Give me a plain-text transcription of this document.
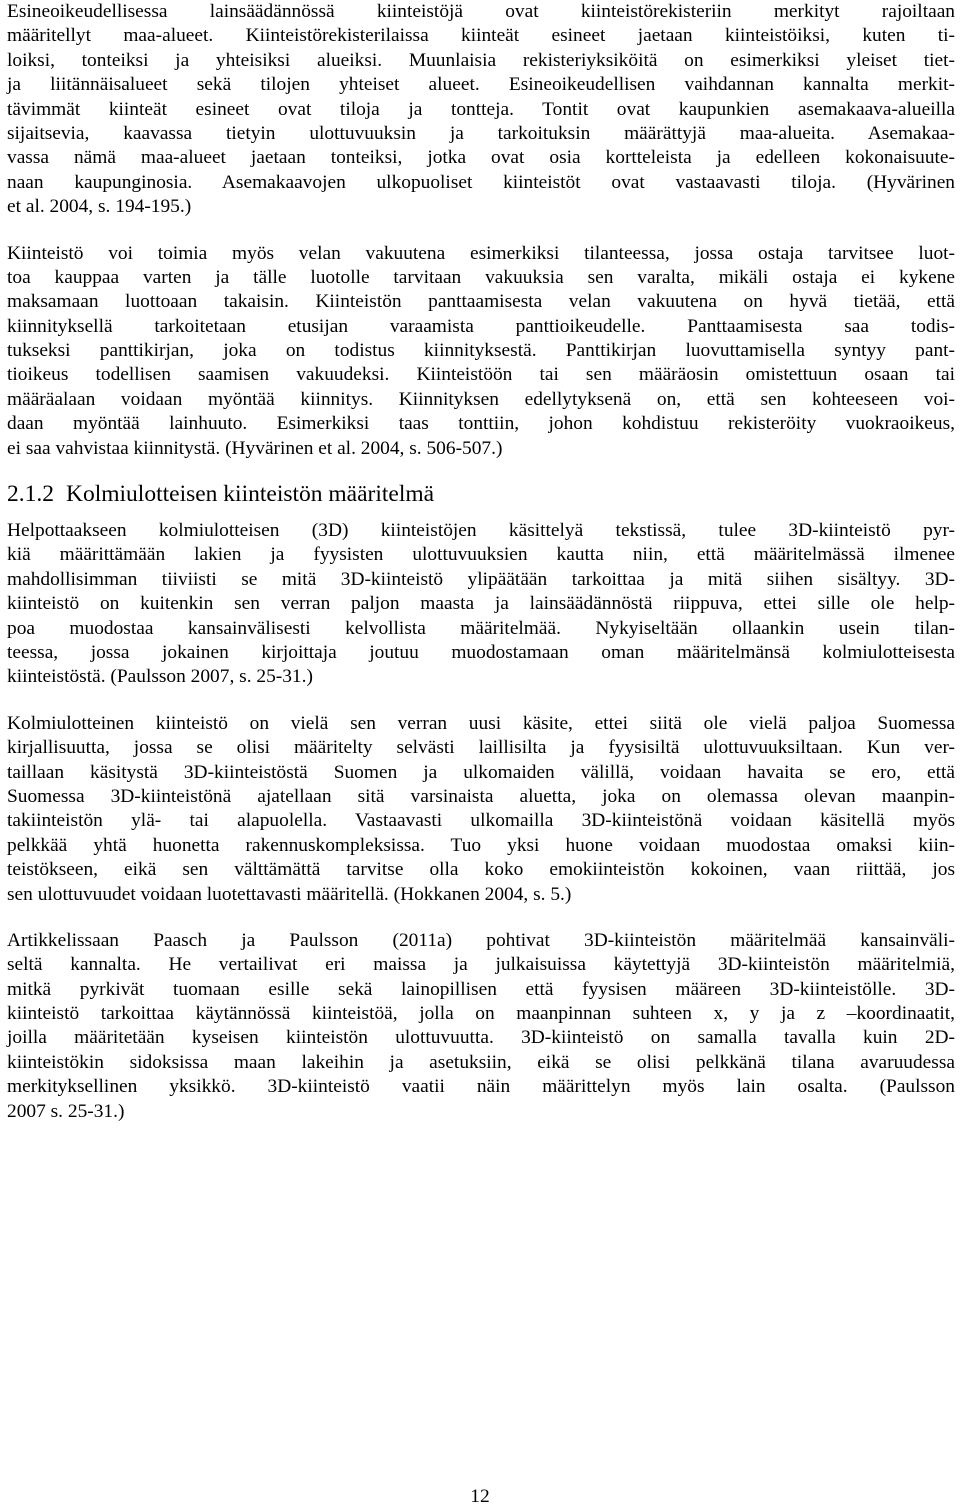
Esineoikeudellisessa lainsäädännössä kiinteistöjä ovat kiinteistörekisteriin merkityt rajoiltaan
määritellyt maa-alueet. Kiinteistörekisterilaissa kiinteät esineet jaetaan kiinteistöiksi, kuten ti-
loiksi, tonteiksi ja yhteisiksi alueiksi. Muunlaisia rekisteriyksiköitä on esimerkiksi yleiset tiet-
ja liitännäisalueet sekä tilojen yhteiset alueet. Esineoikeudellisen vaihdannan kannalta merkit-
tävimmät kiinteät esineet ovat tiloja ja tontteja. Tontit ovat kaupunkien asemakaava-alueilla
sijaitsevia, kaavassa tietyin ulottuvuuksin ja tarkoituksin määrättyjä maa-alueita. Asemakaa-
vassa nämä maa-alueet jaetaan tonteiksi, jotka ovat osia kortteleista ja edelleen kokonaisuute-
naan kaupunginosia. Asemakaavojen ulkopuoliset kiinteistöt ovat vastaavasti tiloja. (Hyvärinen
et al. 2004, s. 194-195.)
Kiinteistö voi toimia myös velan vakuutena esimerkiksi tilanteessa, jossa ostaja tarvitsee luot-
toa kauppaa varten ja tälle luotolle tarvitaan vakuuksia sen varalta, mikäli ostaja ei kykene
maksamaan luottoaan takaisin. Kiinteistön panttaamisesta velan vakuutena on hyvä tietää, että
kiinnityksellä tarkoitetaan etusijan varaamista panttioikeudelle. Panttaamisesta saa todis-
tukseksi panttikirjan, joka on todistus kiinnityksestä. Panttikirjan luovuttamisella syntyy pant-
tioikeus todellisen saamisen vakuudeksi. Kiinteistöön tai sen määräosin omistettuun osaan tai
määräalaan voidaan myöntää kiinnitys. Kiinnityksen edellytyksenä on, että sen kohteeseen voi-
daan myöntää lainhuuto. Esimerkiksi taas tonttiin, johon kohdistuu rekisteröity vuokraoikeus,
ei saa vahvistaa kiinnitystä. (Hyvärinen et al. 2004, s. 506-507.)
2.1.2 Kolmiulotteisen kiinteistön määritelmä
Helpottaakseen kolmiulotteisen (3D) kiinteistöjen käsittelyä tekstissä, tulee 3D-kiinteistö pyr-
kiä määrittämään lakien ja fyysisten ulottuvuuksien kautta niin, että määritelmässä ilmenee
mahdollisimman tiiviisti se mitä 3D-kiinteistö ylipäätään tarkoittaa ja mitä siihen sisältyy. 3D-
kiinteistö on kuitenkin sen verran paljon maasta ja lainsäädännöstä riippuva, ettei sille ole help-
poa muodostaa kansainvälisesti kelvollista määritelmää. Nykyiseltään ollaankin usein tilan-
teessa, jossa jokainen kirjoittaja joutuu muodostamaan oman määritelmänsä kolmiulotteisesta
kiinteistöstä. (Paulsson 2007, s. 25-31.)
Kolmiulotteinen kiinteistö on vielä sen verran uusi käsite, ettei siitä ole vielä paljoa Suomessa
kirjallisuutta, jossa se olisi määritelty selvästi laillisilta ja fyysisiltä ulottuvuuksiltaan. Kun ver-
taillaan käsitystä 3D-kiinteistöstä Suomen ja ulkomaiden välillä, voidaan havaita se ero, että
Suomessa 3D-kiinteistönä ajatellaan sitä varsinaista aluetta, joka on olemassa olevan maanpin-
takiinteistön ylä- tai alapuolella. Vastaavasti ulkomailla 3D-kiinteistönä voidaan käsitellä myös
pelkkää yhtä huonetta rakennuskompleksissa. Tuo yksi huone voidaan muodostaa omaksi kiin-
teistökseen, eikä sen välttämättä tarvitse olla koko emokiinteistön kokoinen, vaan riittää, jos
sen ulottuvuudet voidaan luotettavasti määritellä. (Hokkanen 2004, s. 5.)
Artikkelissaan Paasch ja Paulsson (2011a) pohtivat 3D-kiinteistön määritelmää kansainväli-
seltä kannalta. He vertailivat eri maissa ja julkaisuissa käytettyjä 3D-kiinteistön määritelmiä,
mitkä pyrkivät tuomaan esille sekä lainopillisen että fyysisen määreen 3D-kiinteistölle. 3D-
kiinteistö tarkoittaa käytännössä kiinteistöä, jolla on maanpinnan suhteen x, y ja z –koordinaatit,
joilla määritetään kyseisen kiinteistön ulottuvuutta. 3D-kiinteistö on samalla tavalla kuin 2D-
kiinteistökin sidoksissa maan lakeihin ja asetuksiin, eikä se olisi pelkkänä tilana avaruudessa
merkityksellinen yksikkö. 3D-kiinteistö vaatii näin määrittelyn myös lain osalta. (Paulsson
2007 s. 25-31.)
12
